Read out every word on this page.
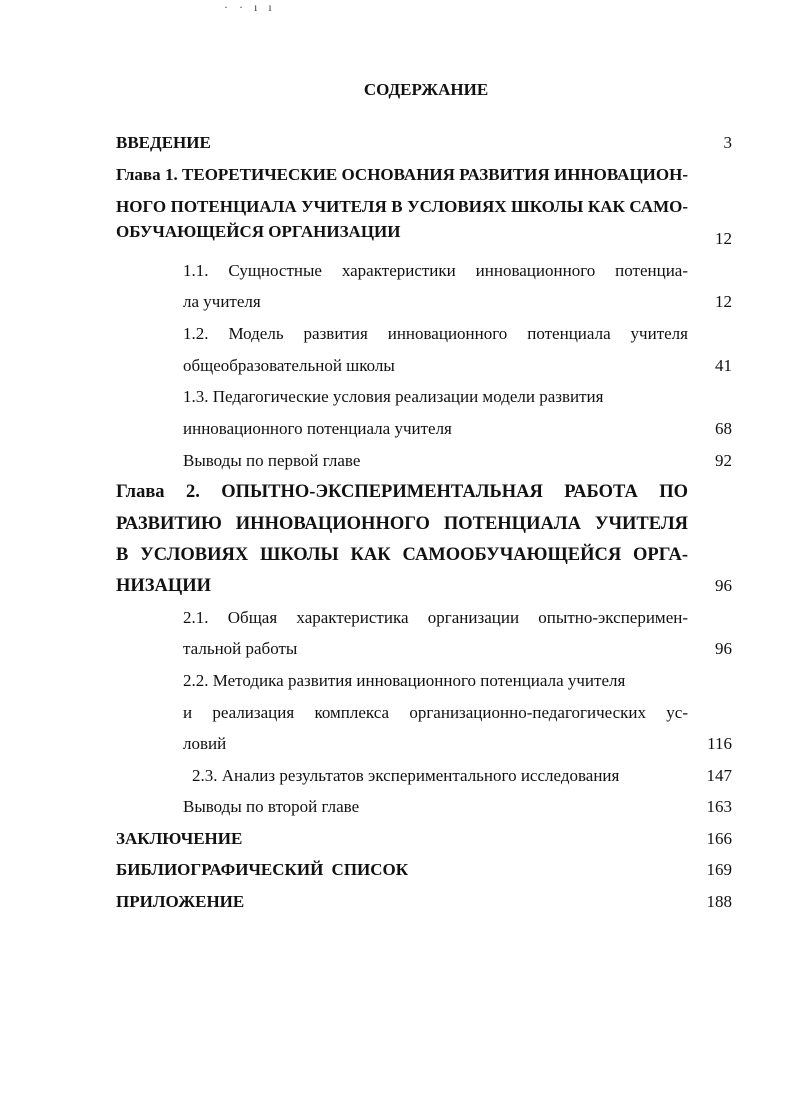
· · ı ı
СОДЕРЖАНИЕ
ВВЕДЕНИЕ	3
Глава 1. ТЕОРЕТИЧЕСКИЕ ОСНОВАНИЯ РАЗВИТИЯ ИННОВАЦИОН-
НОГО ПОТЕНЦИАЛА УЧИТЕЛЯ В УСЛОВИЯХ ШКОЛЫ КАК САМО-
ОБУЧАЮЩЕЙСЯ ОРГАНИЗАЦИИ	12
1.1. Сущностные характеристики инновационного потенциа-
ла учителя	12
1.2. Модель развития инновационного потенциала учителя
общеобразовательной школы	41
1.3. Педагогические условия реализации модели развития
инновационного потенциала учителя	68
Выводы по первой главе	92
Глава 2. ОПЫТНО-ЭКСПЕРИМЕНТАЛЬНАЯ РАБОТА ПО
РАЗВИТИЮ ИННОВАЦИОННОГО ПОТЕНЦИАЛА УЧИТЕЛЯ
В УСЛОВИЯХ ШКОЛЫ КАК САМООБУЧАЮЩЕЙСЯ ОРГА-
НИЗАЦИИ	96
2.1. Общая характеристика организации опытно-эксперимен-
тальной работы	96
2.2. Методика развития инновационного потенциала учителя
и реализация комплекса организационно-педагогических ус-
ловий	116
2.3. Анализ результатов экспериментального исследования	147
Выводы по второй главе	163
ЗАКЛЮЧЕНИЕ	166
БИБЛИОГРАФИЧЕСКИЙ СПИСОК	169
ПРИЛОЖЕНИЕ	188
